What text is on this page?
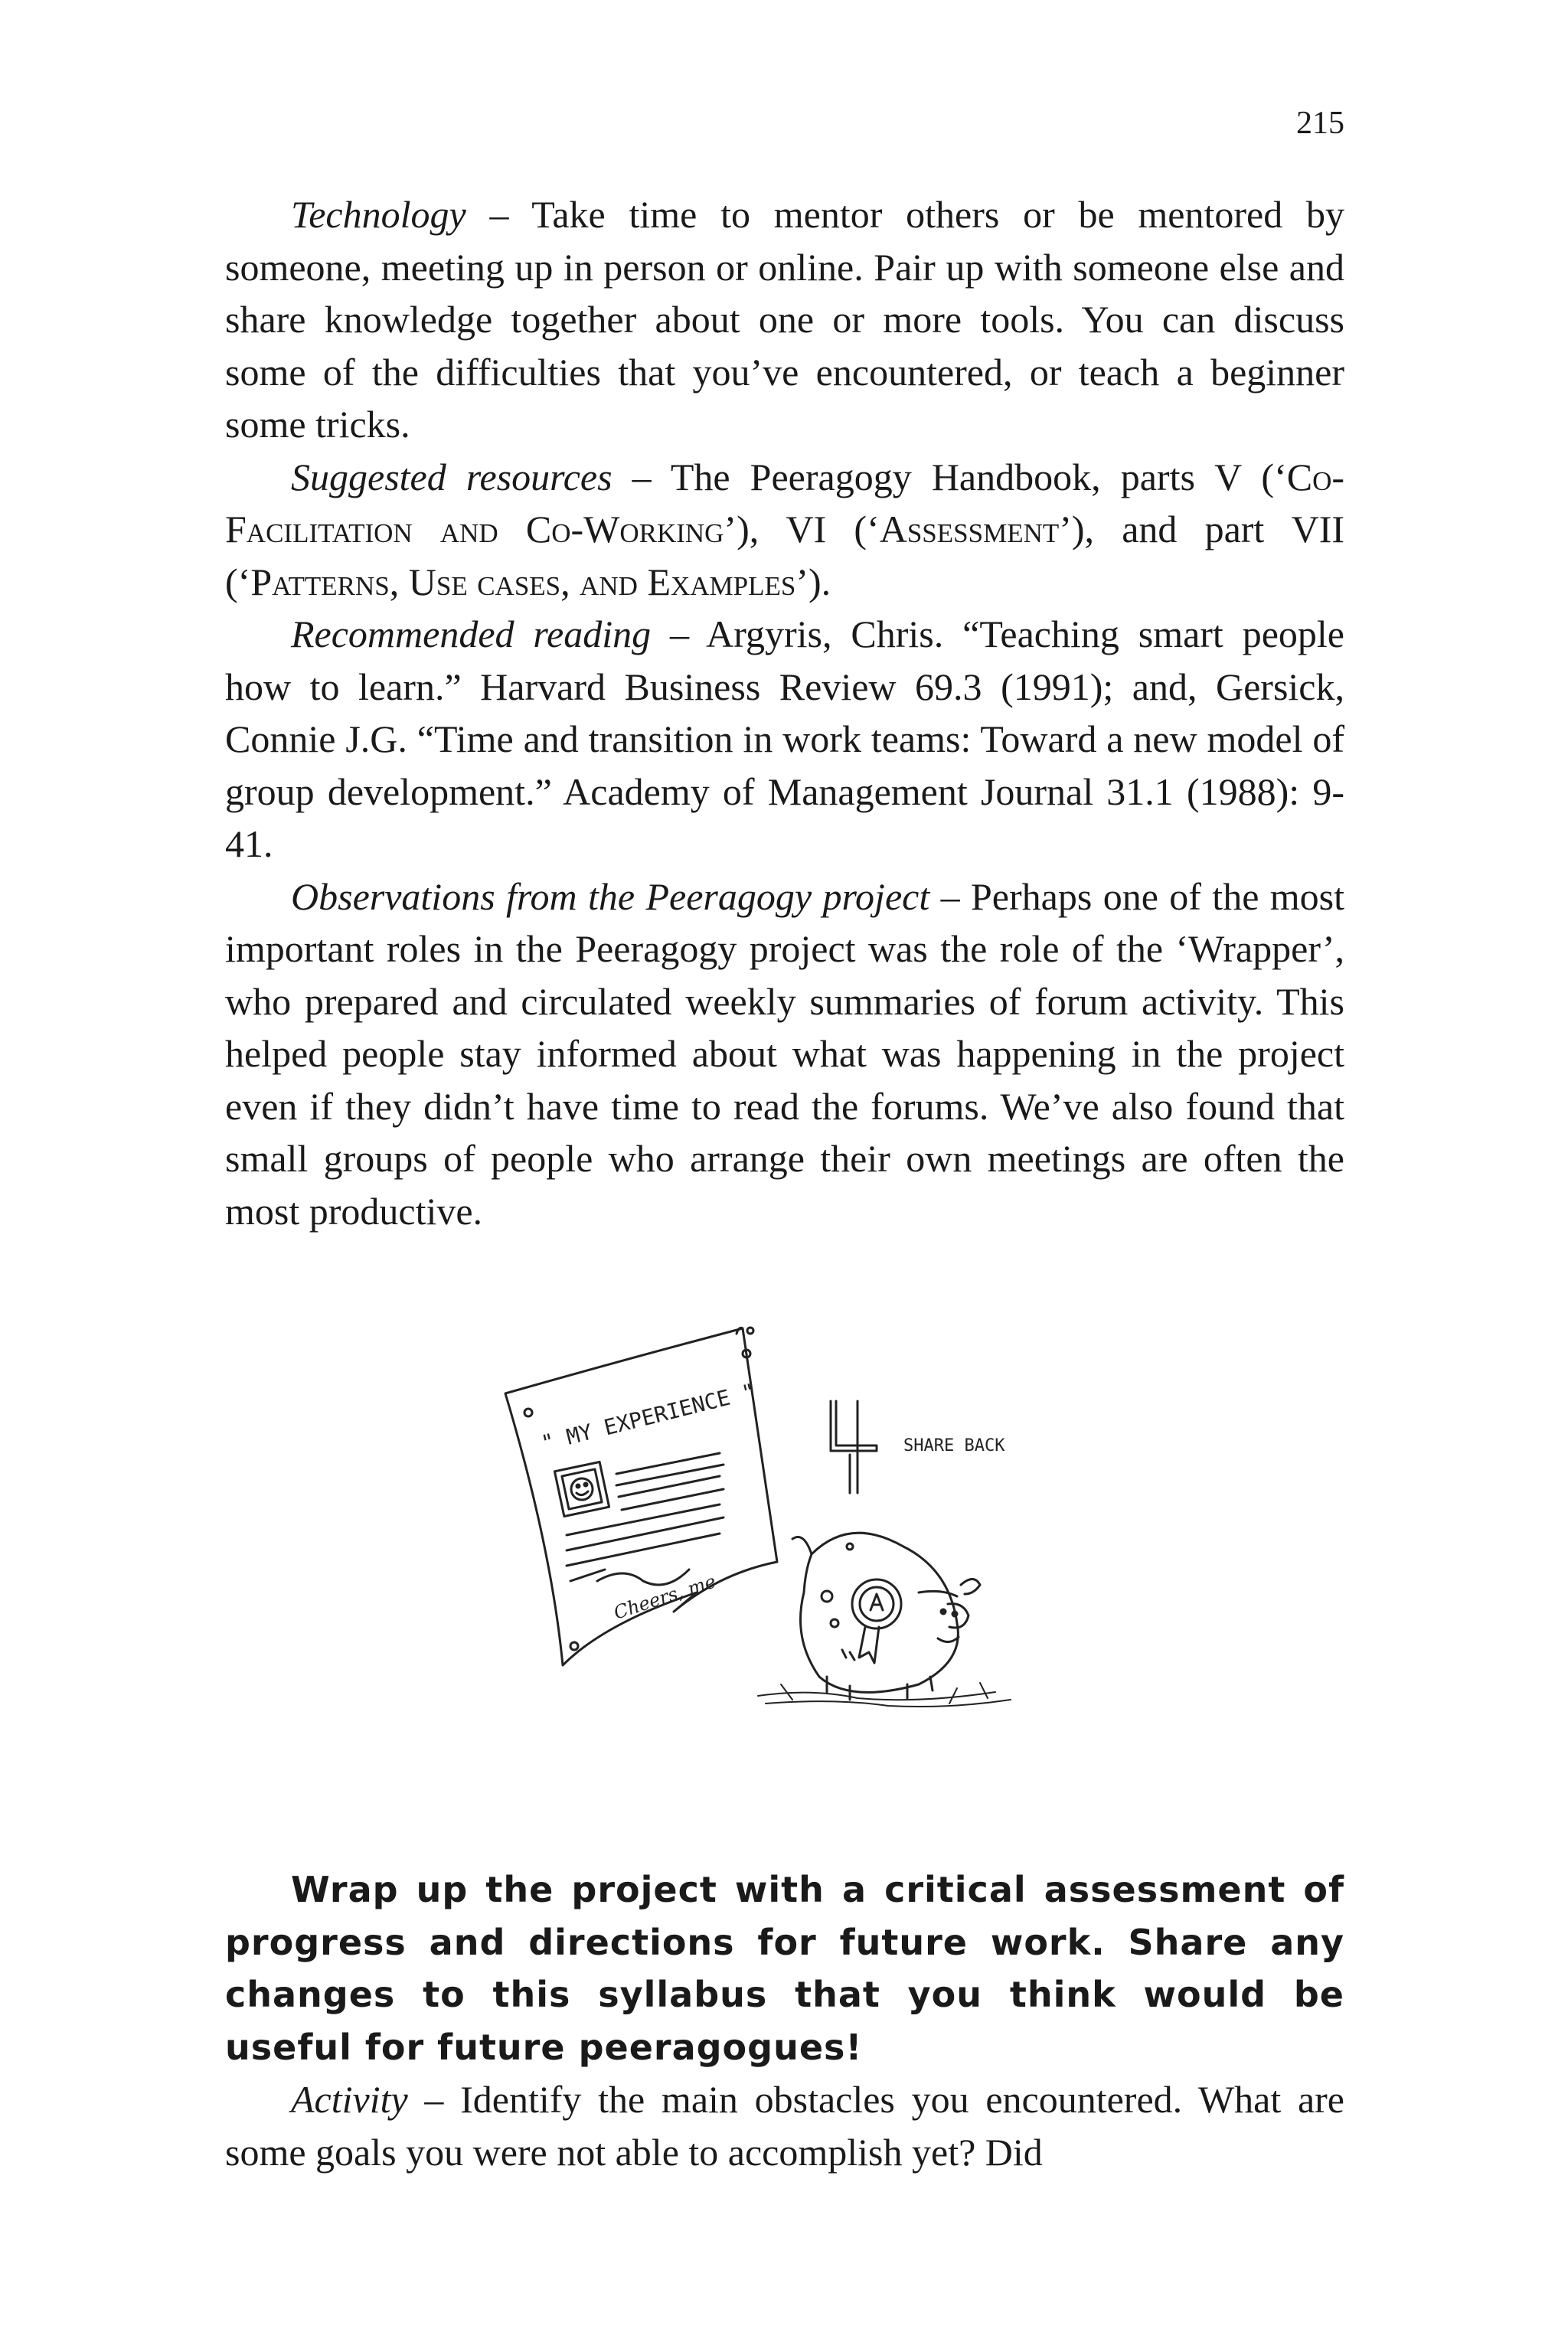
215

Technology – Take time to mentor others or be mentored by someone, meeting up in person or online. Pair up with someone else and share knowledge together about one or more tools. You can discuss some of the difficulties that you’ve encountered, or teach a beginner some tricks.

Suggested resources – The Peeragogy Handbook, parts V (‘Co-Facilitation and Co-Working’), VI (‘Assessment’), and part VII (‘Patterns, Use cases, and Examples’).

Recommended reading – Argyris, Chris. “Teaching smart people how to learn.” Harvard Business Review 69.3 (1991); and, Gersick, Connie J.G. “Time and transition in work teams: Toward a new model of group development.” Academy of Management Journal 31.1 (1988): 9-41.

Observations from the Peeragogy project – Perhaps one of the most important roles in the Peeragogy project was the role of the ‘Wrapper’, who prepared and circulated weekly summaries of forum activity. This helped people stay informed about what was happening in the project even if they didn’t have time to read the forums. We’ve also found that small groups of people who arrange their own meetings are often the most productive.

" MY EXPERIENCE "
Cheers, me
SHARE BACK

Wrap up the project with a critical assessment of progress and directions for future work. Share any changes to this syllabus that you think would be useful for future peeragogues!

Activity – Identify the main obstacles you encountered. What are some goals you were not able to accomplish yet? Did
